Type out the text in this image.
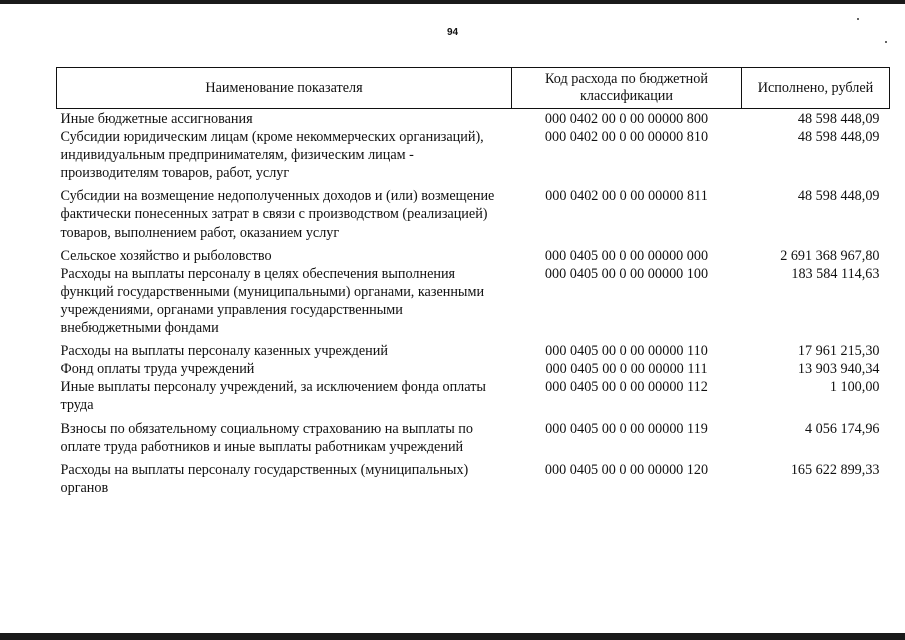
94
Наименование показателя	Код расхода по бюджетной классификации	Исполнено, рублей
Иные бюджетные ассигнования	000 0402 00 0 00 00000 800	48 598 448,09
Субсидии юридическим лицам (кроме некоммерческих организаций), индивидуальным предпринимателям, физическим лицам - производителям товаров, работ, услуг	000 0402 00 0 00 00000 810	48 598 448,09
Субсидии на возмещение недополученных доходов и (или) возмещение фактически понесенных затрат в связи с производством (реализацией) товаров, выполнением работ, оказанием услуг	000 0402 00 0 00 00000 811	48 598 448,09
Сельское хозяйство и рыболовство	000 0405 00 0 00 00000 000	2 691 368 967,80
Расходы на выплаты персоналу в целях обеспечения выполнения функций государственными (муниципальными) органами, казенными учреждениями, органами управления государственными внебюджетными фондами	000 0405 00 0 00 00000 100	183 584 114,63
Расходы на выплаты персоналу казенных учреждений	000 0405 00 0 00 00000 110	17 961 215,30
Фонд оплаты труда учреждений	000 0405 00 0 00 00000 111	13 903 940,34
Иные выплаты персоналу учреждений, за исключением фонда оплаты труда	000 0405 00 0 00 00000 112	1 100,00
Взносы по обязательному социальному страхованию на выплаты по оплате труда работников и иные выплаты работникам учреждений	000 0405 00 0 00 00000 119	4 056 174,96
Расходы на выплаты персоналу государственных (муниципальных) органов	000 0405 00 0 00 00000 120	165 622 899,33
